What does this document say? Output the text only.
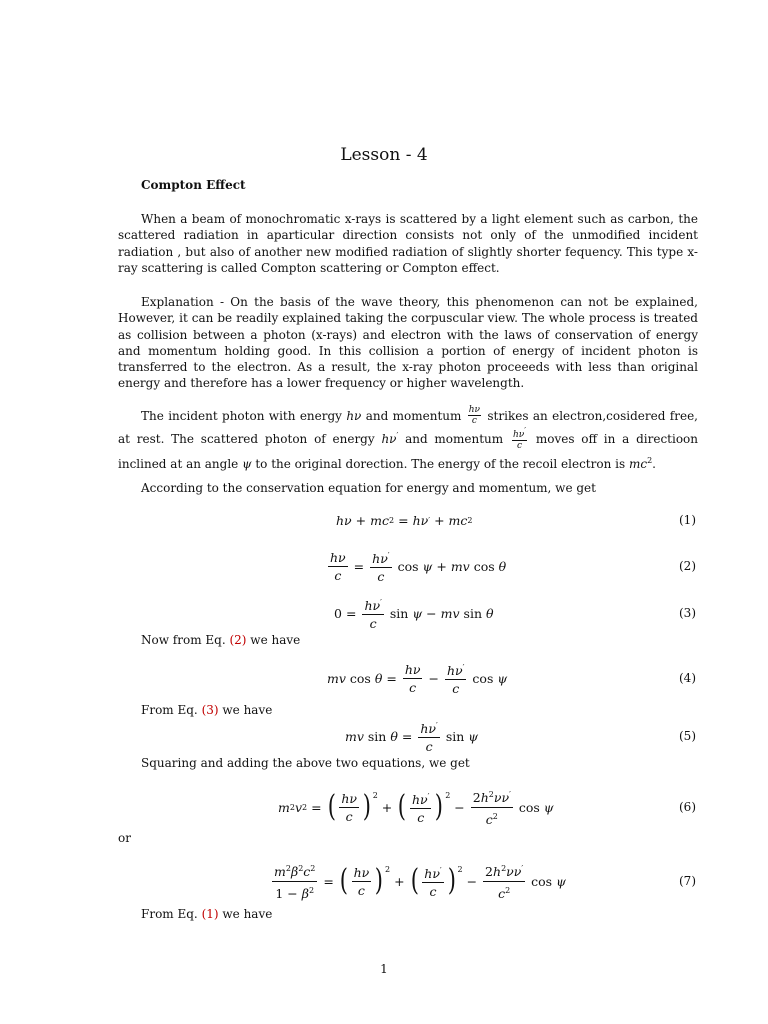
Lesson - 4
Compton Effect

When a beam of monochromatic x-rays is scattered by a light element such as carbon, the scattered radiation in aparticular direction consists not only of the unmodified incident radiation , but also of another new modified radiation of slightly shorter fequency. This type x-ray scattering is called Compton scattering or Compton effect.

Explanation - On the basis of the wave theory, this phenomenon can not be explained, However, it can be readily explained taking the corpuscular view. The whole process is treated as collision between a photon (x-rays) and electron with the laws of conservation of energy and momentum holding good. In this collision a portion of energy of incident photon is transferred to the electron. As a result, the x-ray photon proceeeds with less than original energy and therefore has a lower frequency or higher wavelength.

The incident photon with energy hν and momentum $\frac{h\nu}{c}$ strikes an electron,cosidered free, at rest. The scattered photon of energy hν′ and momentum $\frac{h\nu'}{c}$ moves off in a directioon inclined at an angle ψ to the original dorection. The energy of the recoil electron is $mc^2$.

According to the conservation equation for energy and momentum, we get
hν + mc 2 = hν ′ + mc 2	(1)
$\frac{h\nu}{c} = \frac{h\nu'}{c}$ cos ψ + mv cos θ	(2)
$0 = \frac{h\nu'}{c}$ sin ψ − mv sin θ	(3)
Now from Eq. (2) we have
mv $\cos \theta = \frac{h\nu}{c} - \frac{h\nu'}{c}$ cos ψ	(4)
From Eq. (3) we have
mv $\sin \theta = \frac{h\nu'}{c}$ sin ψ	(5)
Squaring and adding the above two equations, we get
m 2 v 2 = ( $\frac{h\nu}{c} )^2$
+ ( $\frac{h\nu'}{c} )^2$
− $\frac{2h^2\nu\nu'}{c^2}$ cos ψ	(6)
or
$\frac{m^2\beta^2c^2}{1 - \beta^2}$ = ( $\frac{h\nu}{c} )^2$
+ ( $\frac{h\nu'}{c} )^2$
− $\frac{2h^2\nu\nu'}{c^2}$ cos ψ	(7)
From Eq. (1) we have
1
